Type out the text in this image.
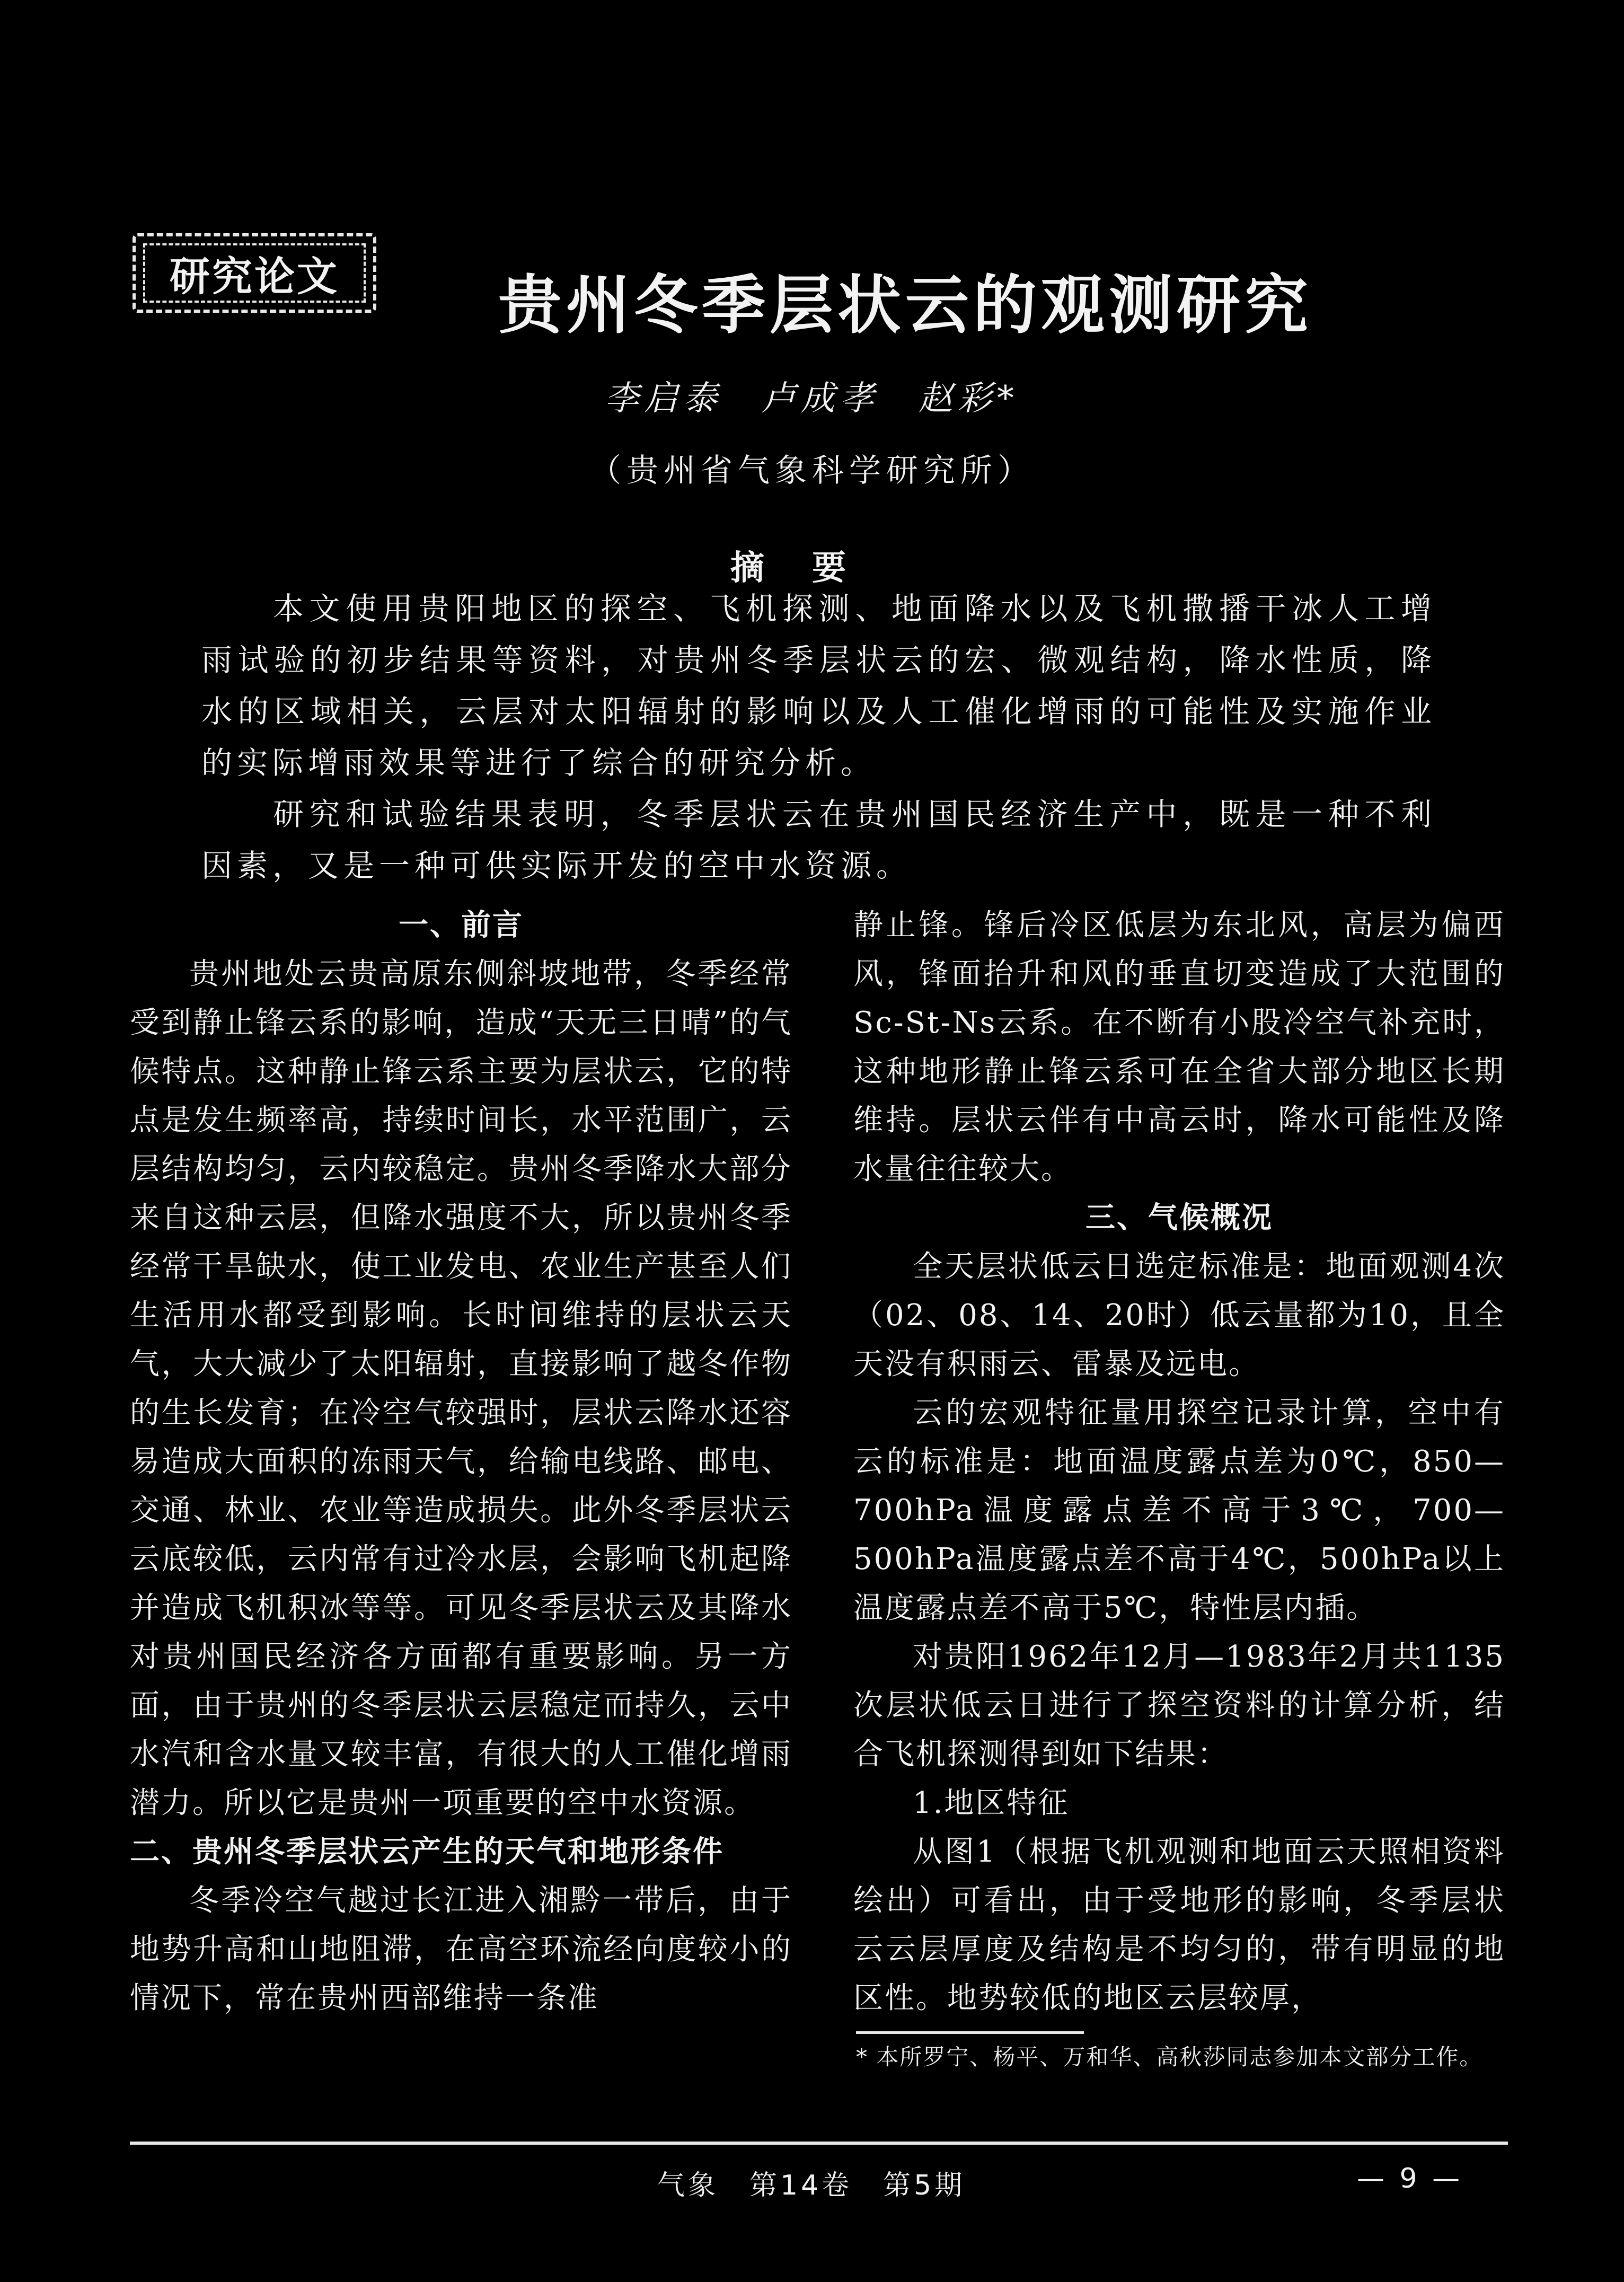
研究论文	贵州冬季层状云的观测研究
李启泰　卢成孝　赵彩*
（贵州省气象科学研究所）
摘要

本文使用贵阳地区的探空、飞机探测、地面降水以及飞机撒播干冰人工增雨试验的初步结果等资料，对贵州冬季层状云的宏、微观结构，降水性质，降水的区域相关，云层对太阳辐射的影响以及人工催化增雨的可能性及实施作业的实际增雨效果等进行了综合的研究分析。

研究和试验结果表明，冬季层状云在贵州国民经济生产中，既是一种不利因素，又是一种可供实际开发的空中水资源。

一、前言

贵州地处云贵高原东侧斜坡地带，冬季经常受到静止锋云系的影响，造成“天无三日晴”的气候特点。这种静止锋云系主要为层状云，它的特点是发生频率高，持续时间长，水平范围广，云层结构均匀，云内较稳定。贵州冬季降水大部分来自这种云层，但降水强度不大，所以贵州冬季经常干旱缺水，使工业发电、农业生产甚至人们生活用水都受到影响。长时间维持的层状云天气，大大减少了太阳辐射，直接影响了越冬作物的生长发育；在冷空气较强时，层状云降水还容易造成大面积的冻雨天气，给输电线路、邮电、交通、林业、农业等造成损失。此外冬季层状云云底较低，云内常有过冷水层，会影响飞机起降并造成飞机积冰等等。可见冬季层状云及其降水对贵州国民经济各方面都有重要影响。另一方面，由于贵州的冬季层状云层稳定而持久，云中水汽和含水量又较丰富，有很大的人工催化增雨潜力。所以它是贵州一项重要的空中水资源。

二、贵州冬季层状云产生的天气和地形条件

冬季冷空气越过长江进入湘黔一带后，由于地势升高和山地阻滞，在高空环流经向度较小的情况下，常在贵州西部维持一条准

静止锋。锋后冷区低层为东北风，高层为偏西风，锋面抬升和风的垂直切变造成了大范围的Sc-St-Ns云系。在不断有小股冷空气补充时，这种地形静止锋云系可在全省大部分地区长期维持。层状云伴有中高云时，降水可能性及降水量往往较大。

三、气候概况

全天层状低云日选定标准是：地面观测4次（02、08、14、20时）低云量都为10，且全天没有积雨云、雷暴及远电。

云的宏观特征量用探空记录计算，空中有云的标准是：地面温度露点差为0℃，850—700hPa温度露点差不高于3℃，700—500hPa温度露点差不高于4℃，500hPa以上温度露点差不高于5℃，特性层内插。

对贵阳1962年12月—1983年2月共1135次层状低云日进行了探空资料的计算分析，结合飞机探测得到如下结果：

1.地区特征

从图1（根据飞机观测和地面云天照相资料绘出）可看出，由于受地形的影响，冬季层状云云层厚度及结构是不均匀的，带有明显的地区性。地势较低的地区云层较厚，

* 本所罗宁、杨平、万和华、高秋莎同志参加本文部分工作。
气象　第14卷　第5期	— 9 —
